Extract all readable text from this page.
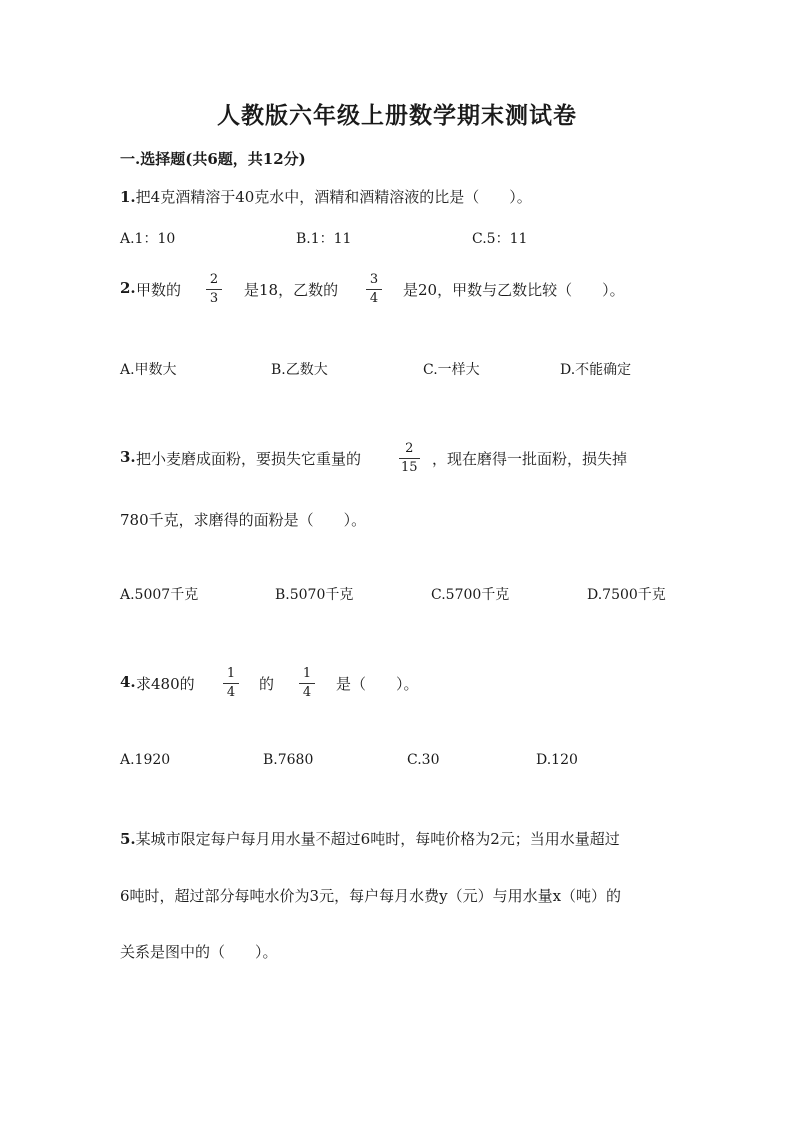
人教版六年级上册数学期末测试卷
一.选择题(共6题，共12分)
1.把4克酒精溶于40克水中，酒精和酒精溶液的比是（　　）。
A.1：10	B.1：11	C.5：11
2. 甲数的
2
3 是18，乙数的
3
4 是20，甲数与乙数比较（　　）。
A.甲数大	B.乙数大	C.一样大	D.不能确定
3. 把小麦磨成面粉，要损失它重量的
2
15 ，现在磨得一批面粉，损失掉
780千克，求磨得的面粉是（　　）。
A.5007千克	B.5070千克	C.5700千克	D.7500千克
4. 求480的
1
4 的
1
4 是（　　）。
A.1920	B.7680	C.30	D.120
5.某城市限定每户每月用水量不超过6吨时，每吨价格为2元；当用水量超过
6吨时，超过部分每吨水价为3元，每户每月水费y（元）与用水量x（吨）的
关系是图中的（　　）。
